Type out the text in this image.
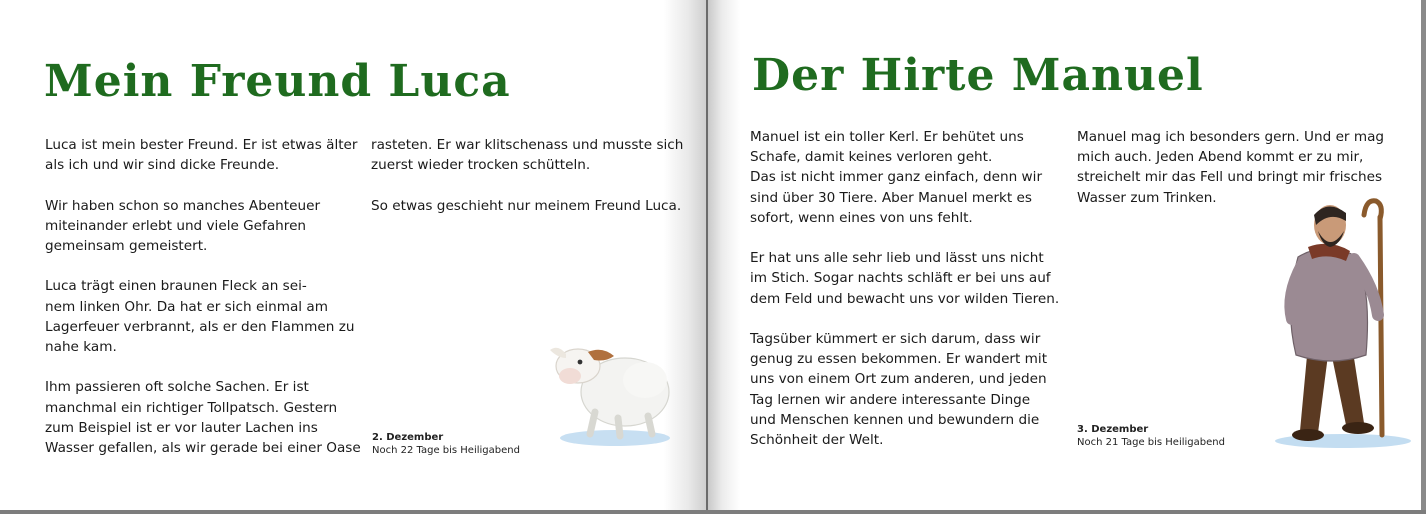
Mein Freund Luca

Luca ist mein bester Freund. Er ist etwas älter
als ich und wir sind dicke Freunde.

Wir haben schon so manches Abenteuer
miteinander erlebt und viele Gefahren
gemeinsam gemeistert.

Luca trägt einen braunen Fleck an sei-
nem linken Ohr. Da hat er sich einmal am
Lagerfeuer verbrannt, als er den Flammen zu
nahe kam.

Ihm passieren oft solche Sachen. Er ist
manchmal ein richtiger Tollpatsch. Gestern
zum Beispiel ist er vor lauter Lachen ins
Wasser gefallen, als wir gerade bei einer Oase

rasteten. Er war klitschenass und musste sich
zuerst wieder trocken schütteln.

So etwas geschieht nur meinem Freund Luca.

2. Dezember
Noch 22 Tage bis Heiligabend
Der Hirte Manuel

Manuel ist ein toller Kerl. Er behütet uns
Schafe, damit keines verloren geht.
Das ist nicht immer ganz einfach, denn wir
sind über 30 Tiere. Aber Manuel merkt es
sofort, wenn eines von uns fehlt.

Er hat uns alle sehr lieb und lässt uns nicht
im Stich. Sogar nachts schläft er bei uns auf
dem Feld und bewacht uns vor wilden Tieren.

Tagsüber kümmert er sich darum, dass wir
genug zu essen bekommen. Er wandert mit
uns von einem Ort zum anderen, und jeden
Tag lernen wir andere interessante Dinge
und Menschen kennen und bewundern die
Schönheit der Welt.

Manuel mag ich besonders gern. Und er mag
mich auch. Jeden Abend kommt er zu mir,
streichelt mir das Fell und bringt mir frisches
Wasser zum Trinken.

3. Dezember
Noch 21 Tage bis Heiligabend
